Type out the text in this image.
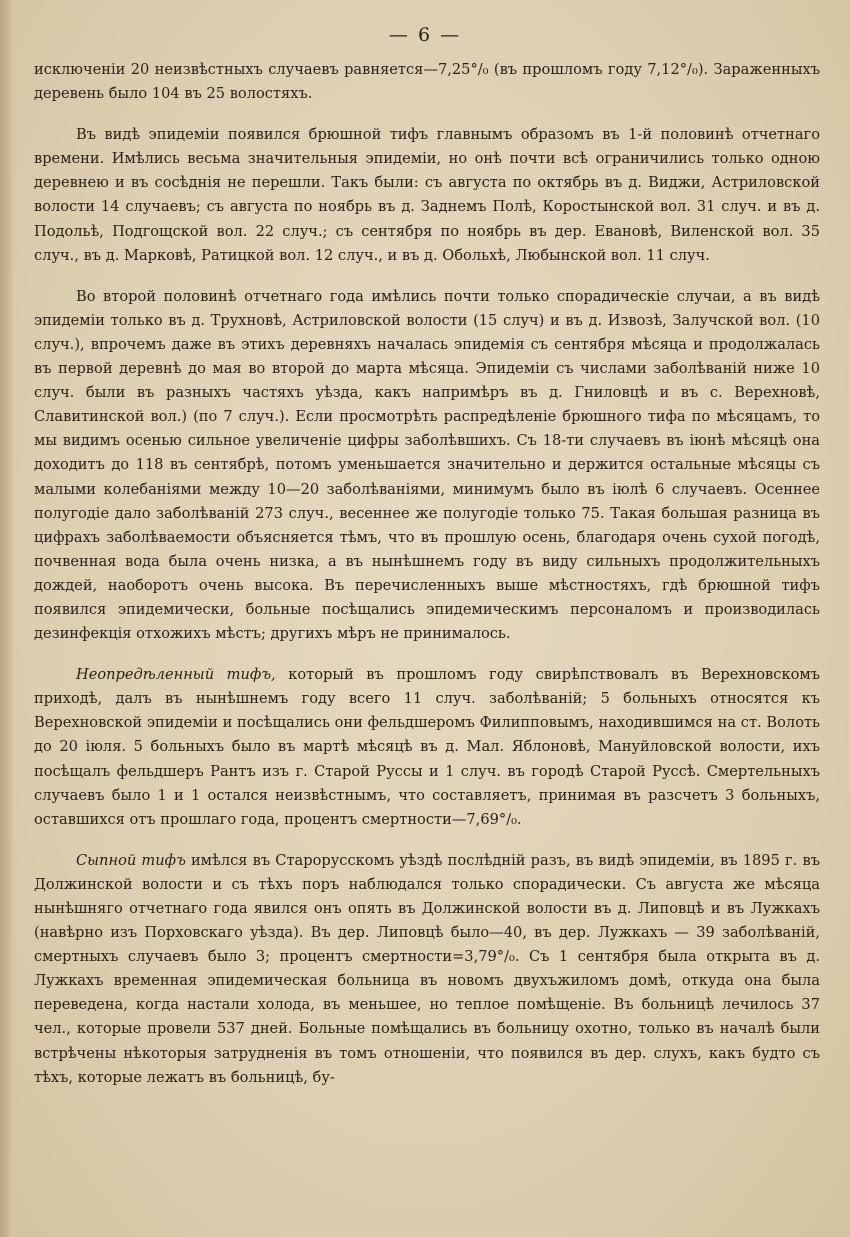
— 6 —

исключенiи 20 неизвѣстныхъ случаевъ равняется—7,25°/₀ (въ прошломъ году 7,12°/₀). Зараженныхъ деревень было 104 въ 25 волостяхъ.

Въ видѣ эпидемiи появился брюшной тифъ главнымъ образомъ въ 1-й половинѣ отчетнаго времени. Имѣлись весьма значительныя эпидемiи, но онѣ почти всѣ ограничились только одною деревнею и въ сосѣднiя не перешли. Такъ были: съ августа по октябрь въ д. Виджи, Астриловской волости 14 случаевъ; съ августа по ноябрь въ д. Заднемъ Полѣ, Коростынской вол. 31 случ. и въ д. Подольѣ, Подгощской вол. 22 случ.; съ сентября по ноябрь въ дер. Евановѣ, Виленской вол. 35 случ., въ д. Марковѣ, Ратицкой вол. 12 случ., и въ д. Обольхѣ, Любынской вол. 11 случ.

Во второй половинѣ отчетнаго года имѣлись почти только спорадическiе случаи, а въ видѣ эпидемiи только въ д. Труxновѣ, Астриловской волости (15 случ) и въ д. Извозѣ, Залучской вол. (10 случ.), впрочемъ даже въ этихъ деревняхъ началась эпидемiя съ сентября мѣсяца и продолжалась въ первой деревнѣ до мая во второй до марта мѣсяца. Эпидемiи съ числами заболѣванiй ниже 10 случ. были въ разныхъ частяхъ уѣзда, какъ напримѣръ въ д. Гниловцѣ и въ с. Верехновѣ, Славитинской вол.) (по 7 случ.). Если просмотрѣть распредѣленiе брюшного тифа по мѣсяцамъ, то мы видимъ осенью сильное увеличенiе цифры заболѣвшихъ. Съ 18-ти случаевъ въ iюнѣ мѣсяцѣ она доходитъ до 118 въ сентябрѣ, потомъ уменьшается значительно и держится остальные мѣсяцы съ малыми колебанiями между 10—20 заболѣванiями, минимумъ было въ iюлѣ 6 случаевъ. Осеннее полугодiе дало заболѣванiй 273 случ., весеннее же полугодiе только 75. Такая большая разница въ цифрахъ заболѣваемости объясняется тѣмъ, что въ прошлую осень, благодаря очень сухой погодѣ, почвенная вода была очень низка, а въ нынѣшнемъ году въ виду сильныхъ продолжительныхъ дождей, наоборотъ очень высока. Въ перечисленныхъ выше мѣстностяхъ, гдѣ брюшной тифъ появился эпидемически, больные посѣщались эпидемическимъ персоналомъ и производилась дезинфекцiя отхожихъ мѣстъ; другихъ мѣръ не принималось.

Неопредѣленный тифъ, который въ прошломъ году свирѣпствовалъ въ Верехновскомъ приходѣ, далъ въ нынѣшнемъ году всего 11 случ. заболѣванiй; 5 больныхъ относятся къ Верехновской эпидемiи и посѣщались они фельдшеромъ Филипповымъ, находившимся на ст. Волоть до 20 iюля. 5 больныхъ было въ мартѣ мѣсяцѣ въ д. Мал. Яблоновѣ, Мануйловской волости, ихъ посѣщалъ фельдшеръ Рантъ изъ г. Старой Руссы и 1 случ. въ городѣ Старой Руссѣ. Смертельныхъ случаевъ было 1 и 1 остался неизвѣстнымъ, что составляетъ, принимая въ разсчетъ 3 больныхъ, оставшихся отъ прошлаго года, процентъ смертности—7,69°/₀.

Сыпной тифъ имѣлся въ Старорусскомъ уѣздѣ послѣднiй разъ, въ видѣ эпидемiи, въ 1895 г. въ Должинской волости и съ тѣхъ поръ наблюдался только спорадически. Съ августа же мѣсяца нынѣшняго отчетнаго года явился онъ опять въ Должинской волости въ д. Липовцѣ и въ Лужкахъ (навѣрно изъ Порховскаго уѣзда). Въ дер. Липовцѣ было—40, въ дер. Лужкахъ — 39 заболѣванiй, смертныхъ случаевъ было 3; процентъ смертности=3,79°/₀. Съ 1 сентября была открыта въ д. Лужкахъ временная эпидемическая больница въ новомъ двухъжиломъ домѣ, откуда она была переведена, когда настали холода, въ меньшее, но теплое помѣщенiе. Въ больницѣ лечилось 37 чел., которые провели 537 дней. Больные помѣщались въ больницу охотно, только въ началѣ были встрѣчены нѣкоторыя затрудненiя въ томъ отношенiи, что появился въ дер. слухъ, какъ будто съ тѣхъ, которые лежатъ въ больницѣ, бу-
